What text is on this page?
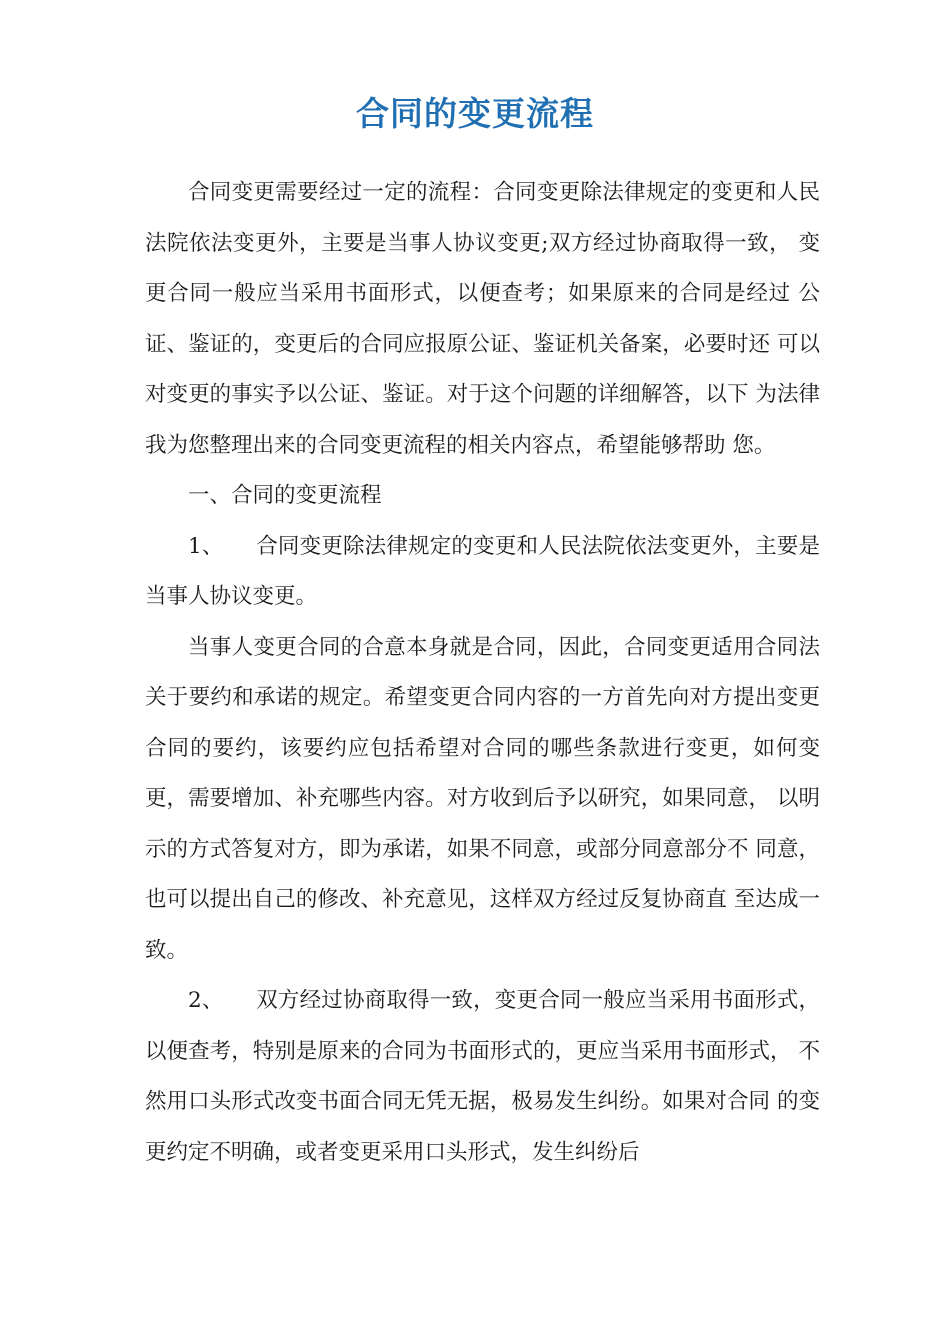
合同的变更流程

合同变更需要经过一定的流程：合同变更除法律规定的变更和人民法院依法变更外，主要是当事人协议变更;双方经过协商取得一致， 变更合同一般应当采用书面形式，以便查考；如果原来的合同是经过 公证、鉴证的，变更后的合同应报原公证、鉴证机关备案，必要时还 可以对变更的事实予以公证、鉴证。对于这个问题的详细解答，以下 为法律我为您整理出来的合同变更流程的相关内容点，希望能够帮助 您。

一、合同的变更流程

1、　　合同变更除法律规定的变更和人民法院依法变更外，主要是 当事人协议变更。

当事人变更合同的合意本身就是合同，因此，合同变更适用合同法关于要约和承诺的规定。希望变更合同内容的一方首先向对方提出变更合同的要约，该要约应包括希望对合同的哪些条款进行变更，如何变更，需要增加、补充哪些内容。对方收到后予以研究，如果同意， 以明示的方式答复对方，即为承诺，如果不同意，或部分同意部分不 同意，也可以提出自己的修改、补充意见，这样双方经过反复协商直 至达成一致。

2、　　双方经过协商取得一致，变更合同一般应当采用书面形式， 以便查考，特别是原来的合同为书面形式的，更应当采用书面形式， 不然用口头形式改变书面合同无凭无据，极易发生纠纷。如果对合同 的变更约定不明确，或者变更采用口头形式，发生纠纷后
